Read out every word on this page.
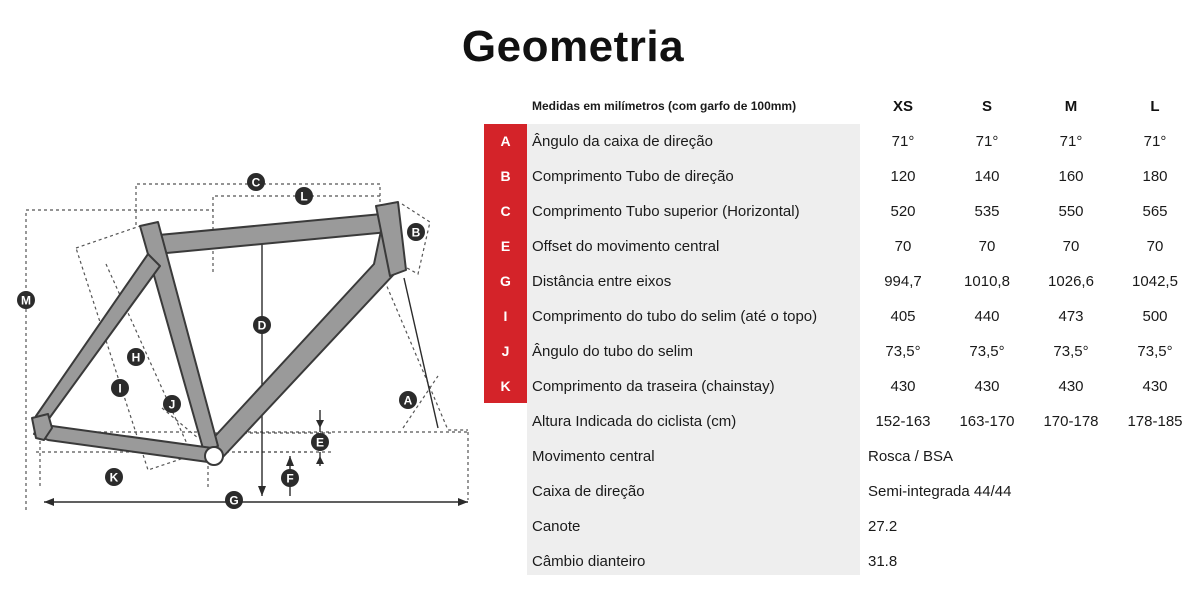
Geometria
C
L
B
M
D
H
I
J	A
E
F
K
G
Medidas em milímetros (com garfo de 100mm)	XS	S	M	L
A	Ângulo da caixa de direção	71°	71°	71°	71°
B	Comprimento Tubo de direção	120	140	160	180
C	Comprimento Tubo superior (Horizontal)	520	535	550	565
E	Offset do movimento central	70	70	70	70
G	Distância entre eixos	994,7	1010,8	1026,6	1042,5
I	Comprimento do tubo do selim (até o topo)	405	440	473	500
J	Ângulo do tubo do selim	73,5°	73,5°	73,5°	73,5°
K	Comprimento da traseira (chainstay)	430	430	430	430
Altura Indicada do ciclista (cm)	152-163	163-170	170-178	178-185
Movimento central	Rosca / BSA
Caixa de direção	Semi-integrada 44/44
Canote	27.2
Câmbio dianteiro	31.8
